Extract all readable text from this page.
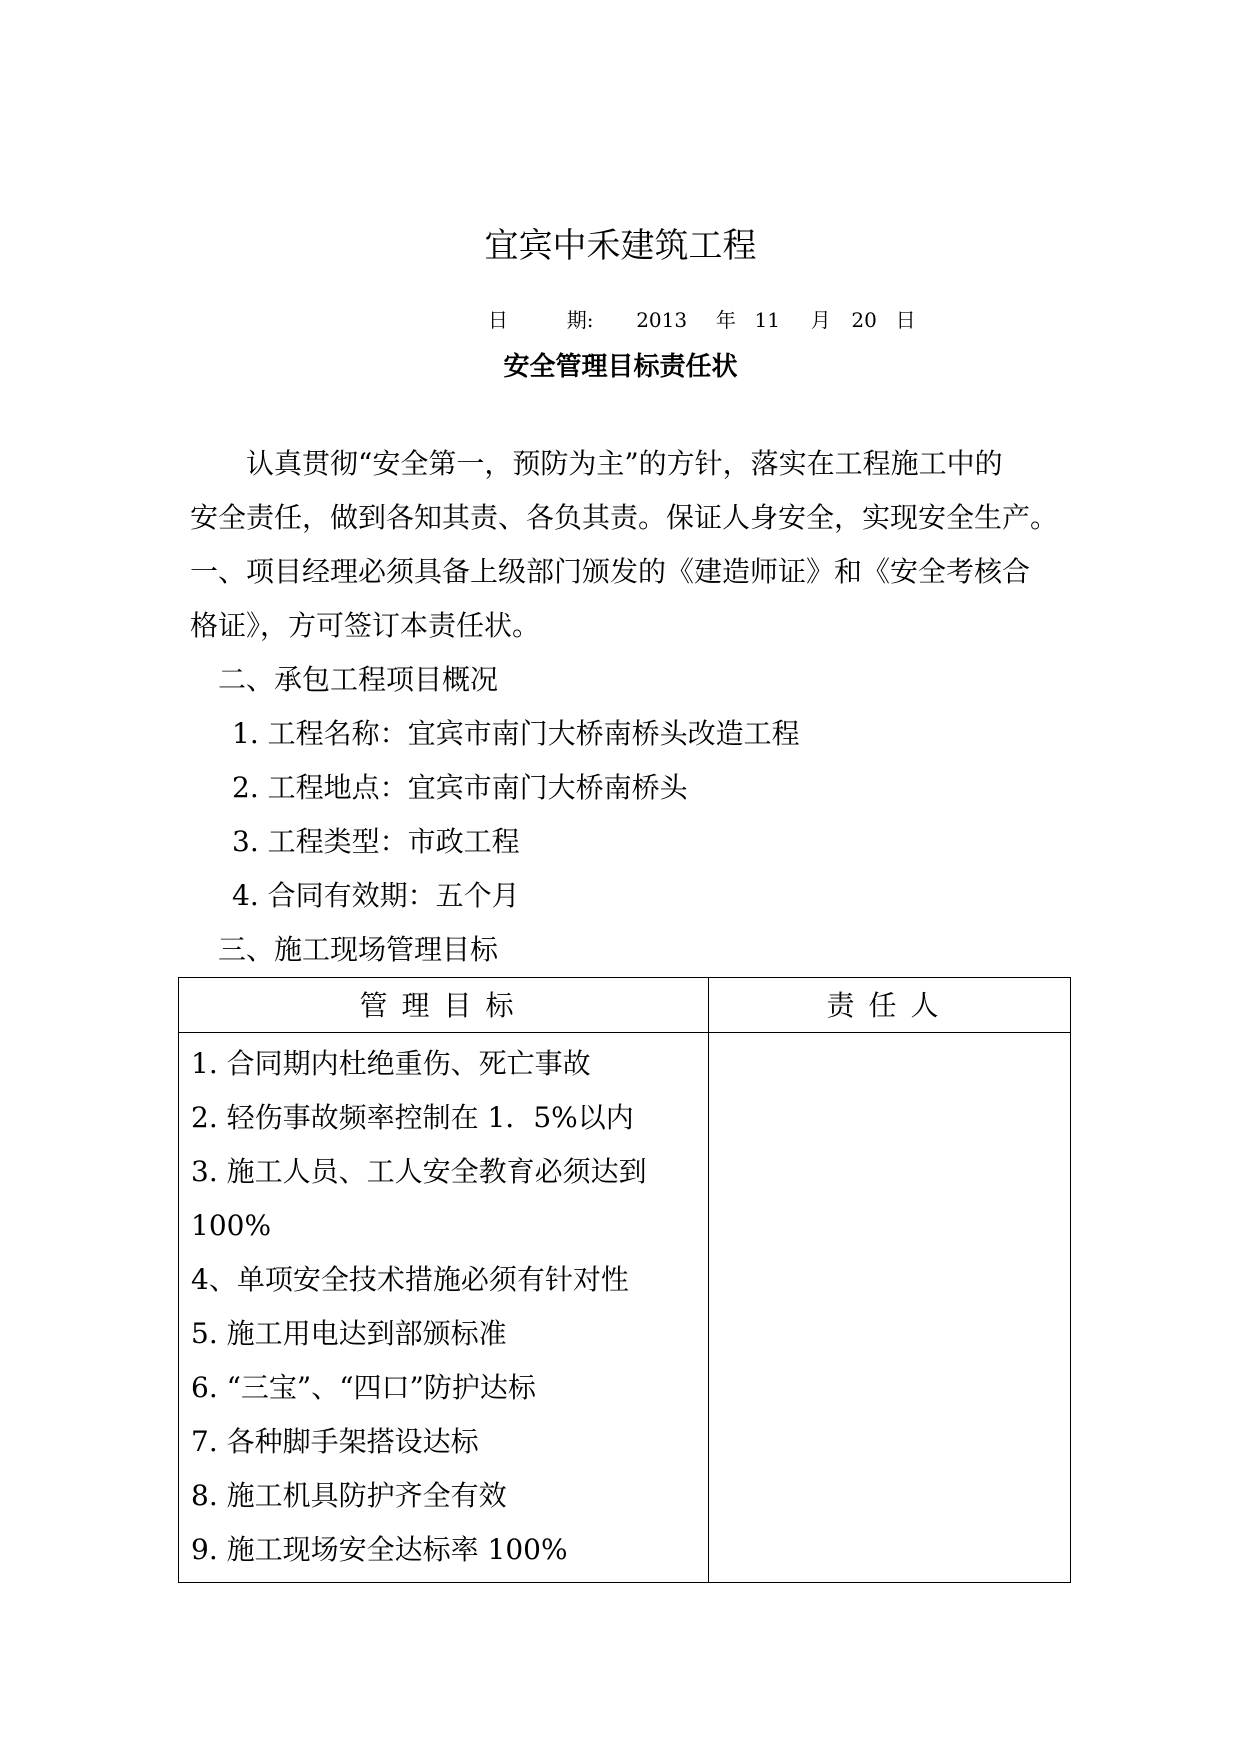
宜宾中禾建筑工程
日	期: 2013 年 11 月 20 日
安全管理目标责任状
认真贯彻“安全第一，预防为主”的方针，落实在工程施工中的
安全责任，做到各知其责、各负其责。保证人身安全，实现安全生产。
一、项目经理必须具备上级部门颁发的《建造师证》和《安全考核合
格证》，方可签订本责任状。
二、承包工程项目概况
1. 工程名称：宜宾市南门大桥南桥头改造工程
2. 工程地点：宜宾市南门大桥南桥头
3. 工程类型：市政工程
4. 合同有效期：五个月
三、施工现场管理目标
管理目标	责任人
1. 合同期内杜绝重伤、死亡事故
2. 轻伤事故频率控制在 1．5%以内
3. 施工人员、工人安全教育必须达到
100%
4、单项安全技术措施必须有针对性
5. 施工用电达到部颁标准
6. “三宝”、“四口”防护达标
7. 各种脚手架搭设达标
8. 施工机具防护齐全有效
9. 施工现场安全达标率 100%
